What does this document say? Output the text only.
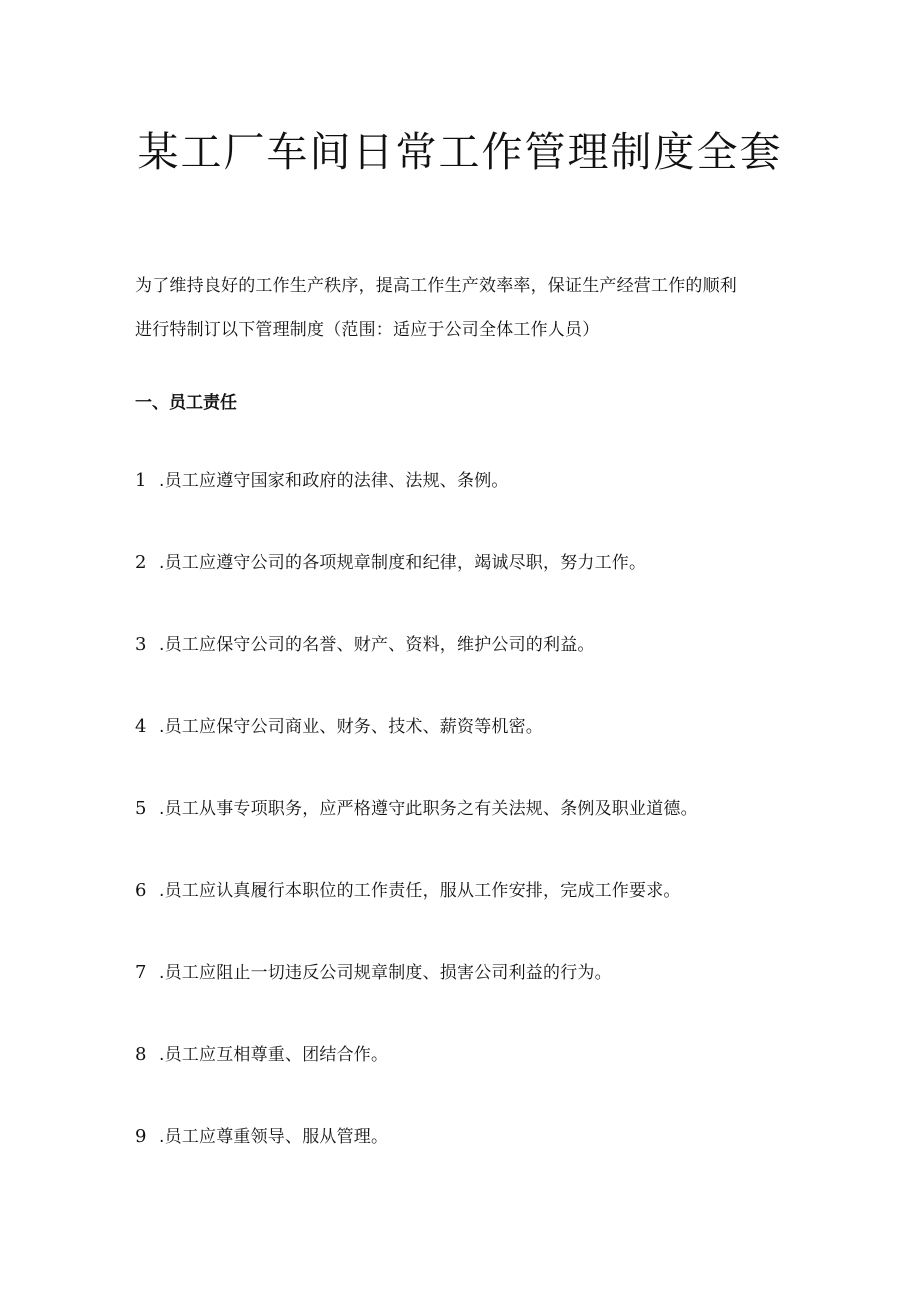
某工厂车间日常工作管理制度全套

为了维持良好的工作生产秩序，提高工作生产效率率，保证生产经营工作的顺利
进行特制订以下管理制度（范围：适应于公司全体工作人员）

一、员工责任
1 .员工应遵守国家和政府的法律、法规、条例。
2 .员工应遵守公司的各项规章制度和纪律，竭诚尽职，努力工作。
3 .员工应保守公司的名誉、财产、资料，维护公司的利益。
4 .员工应保守公司商业、财务、技术、薪资等机密。
5 .员工从事专项职务，应严格遵守此职务之有关法规、条例及职业道德。
6 .员工应认真履行本职位的工作责任，服从工作安排，完成工作要求。
7 .员工应阻止一切违反公司规章制度、损害公司利益的行为。
8 .员工应互相尊重、团结合作。
9 .员工应尊重领导、服从管理。
